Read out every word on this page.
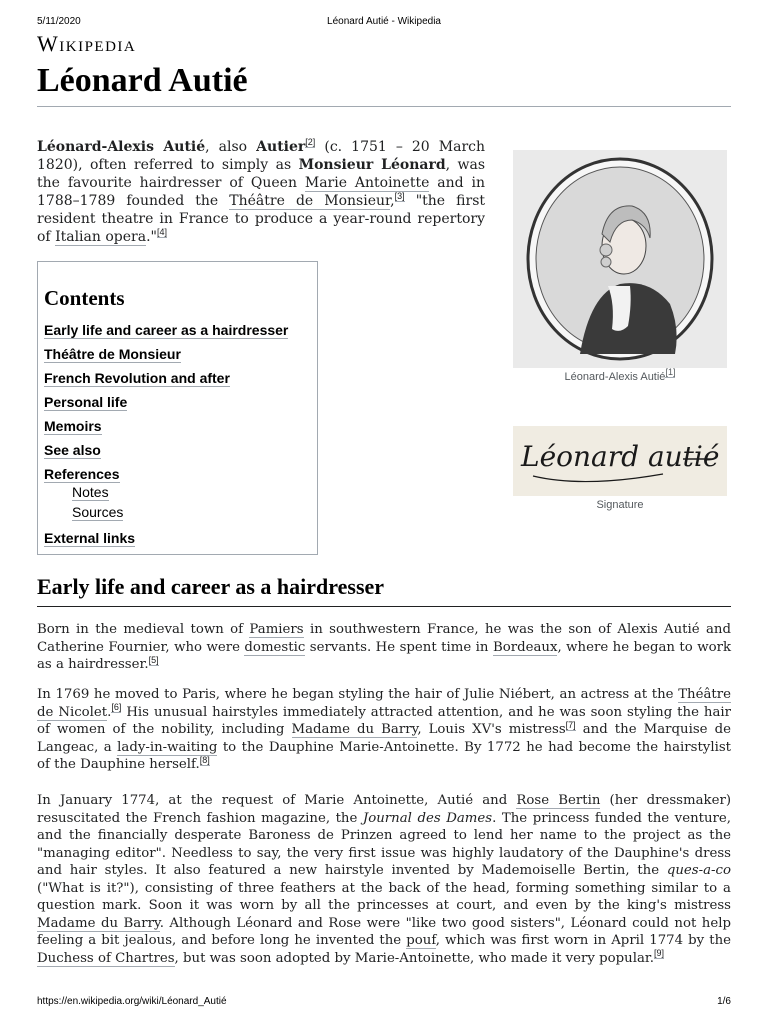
5/11/2020	Léonard Autié - Wikipedia
Wikipedia
Léonard Autié

Léonard-Alexis Autié, also Autier[2] (c. 1751 – 20 March 1820), often referred to simply as Monsieur Léonard, was the favourite hairdresser of Queen Marie Antoinette and in 1788–1789 founded the Théâtre de Monsieur,[3] "the first resident theatre in France to produce a year-round repertory of Italian opera."[4]

Contents
Early life and career as a hairdresser
Théâtre de Monsieur
French Revolution and after
Personal life
Memoirs
See also
References
Notes
Sources
External links
Léonard-Alexis Autié[1]
Léonard autié
Signature
Early life and career as a hairdresser

Born in the medieval town of Pamiers in southwestern France, he was the son of Alexis Autié and Catherine Fournier, who were domestic servants. He spent time in Bordeaux, where he began to work as a hairdresser.[5]

In 1769 he moved to Paris, where he began styling the hair of Julie Niébert, an actress at the Théâtre de Nicolet.[6] His unusual hairstyles immediately attracted attention, and he was soon styling the hair of women of the nobility, including Madame du Barry, Louis XV's mistress[7] and the Marquise de Langeac, a lady-in-waiting to the Dauphine Marie-Antoinette. By 1772 he had become the hairstylist of the Dauphine herself.[8]

In January 1774, at the request of Marie Antoinette, Autié and Rose Bertin (her dressmaker) resuscitated the French fashion magazine, the Journal des Dames. The princess funded the venture, and the financially desperate Baroness de Prinzen agreed to lend her name to the project as the "managing editor". Needless to say, the very first issue was highly laudatory of the Dauphine's dress and hair styles. It also featured a new hairstyle invented by Mademoiselle Bertin, the ques-a-co ("What is it?"), consisting of three feathers at the back of the head, forming something similar to a question mark. Soon it was worn by all the princesses at court, and even by the king's mistress Madame du Barry. Although Léonard and Rose were "like two good sisters", Léonard could not help feeling a bit jealous, and before long he invented the pouf, which was first worn in April 1774 by the Duchess of Chartres, but was soon adopted by Marie-Antoinette, who made it very popular.[9]

https://en.wikipedia.org/wiki/Léonard_Autié	1/6
